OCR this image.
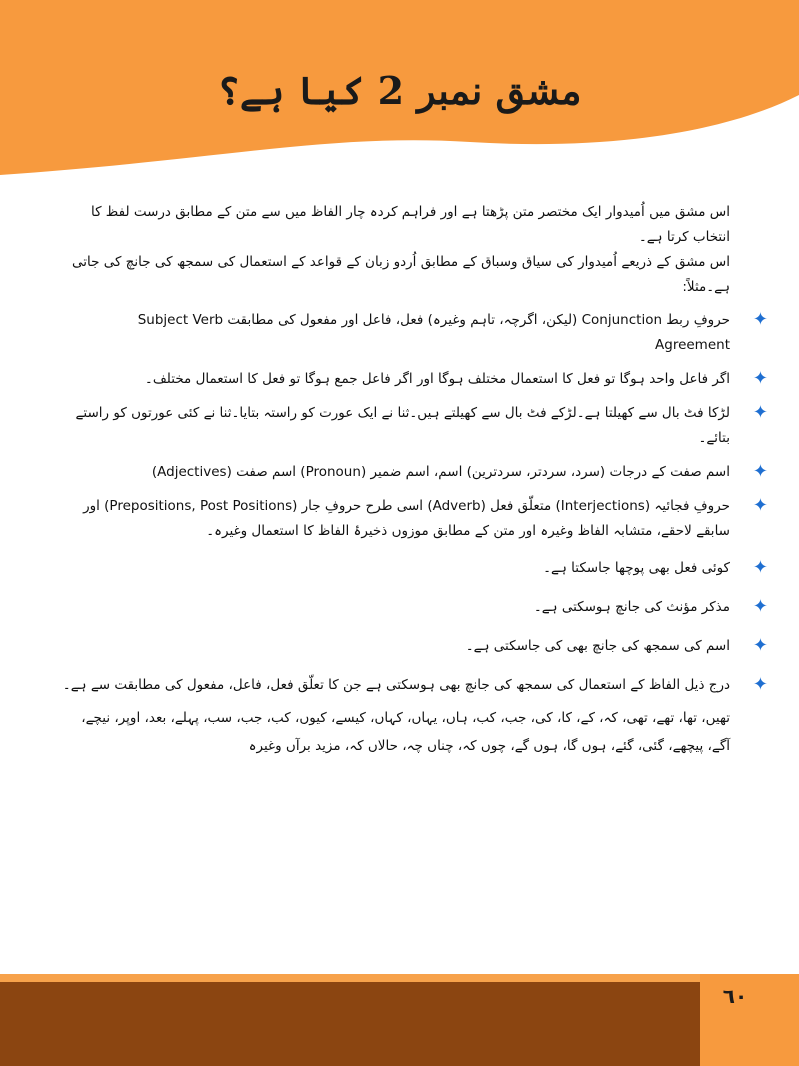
مشق نمبر 2 کیا ہے؟

اس مشق میں اُمیدوار ایک مختصر متن پڑھتا ہے اور فراہم کردہ چار الفاظ میں سے متن کے مطابق درست لفظ کا انتخاب کرتا ہے۔

اس مشق کے ذریعے اُمیدوار کی سیاق وسباق کے مطابق اُردو زبان کے قواعد کے استعمال کی سمجھ کی جانچ کی جاتی ہے۔مثلاً:

✦
حروفِ ربط Conjunction (لیکن، اگرچہ، تاہم وغیرہ) فعل، فاعل اور مفعول کی مطابقت Subject Verb Agreement
✦
اگر فاعل واحد ہوگا تو فعل کا استعمال مختلف ہوگا اور اگر فاعل جمع ہوگا تو فعل کا استعمال مختلف۔
✦
لڑکا فٹ بال سے کھیلتا ہے۔لڑکے فٹ بال سے کھیلتے ہیں۔ثنا نے ایک عورت کو راستہ بتایا۔ثنا نے کئی عورتوں کو راستے بتائے۔
✦
اسم صفت کے درجات (سرد، سردتر، سردترین) اسم، اسم ضمیر (Pronoun) اسم صفت (Adjectives)
✦
حروفِ فجائیہ (Interjections) متعلّق فعل (Adverb) اسی طرح حروفِ جار (Prepositions, Post Positions) اور سابقے لاحقے، متشابہ الفاظ وغیرہ اور متن کے مطابق موزوں ذخیرۂ الفاظ کا استعمال وغیرہ۔
✦
کوئی فعل بھی پوچھا جاسکتا ہے۔
✦
مذکر مؤنث کی جانچ ہوسکتی ہے۔
✦
اسم کی سمجھ کی جانچ بھی کی جاسکتی ہے۔
✦
درج ذیل الفاظ کے استعمال کی سمجھ کی جانچ بھی ہوسکتی ہے جن کا تعلّق فعل، فاعل، مفعول کی مطابقت سے ہے۔

تھیں، تھا، تھے، تھی، کہ، کے، کا، کی، جب، کب، ہاں، یہاں، کہاں، کیسے، کیوں، کب، جب، سب، پہلے، بعد، اوپر، نیچے، آگے، پیچھے، گئی، گئے، ہوں گا، ہوں گے، چوں کہ، چناں چہ، حالاں کہ، مزید برآں وغیرہ

٦٠
